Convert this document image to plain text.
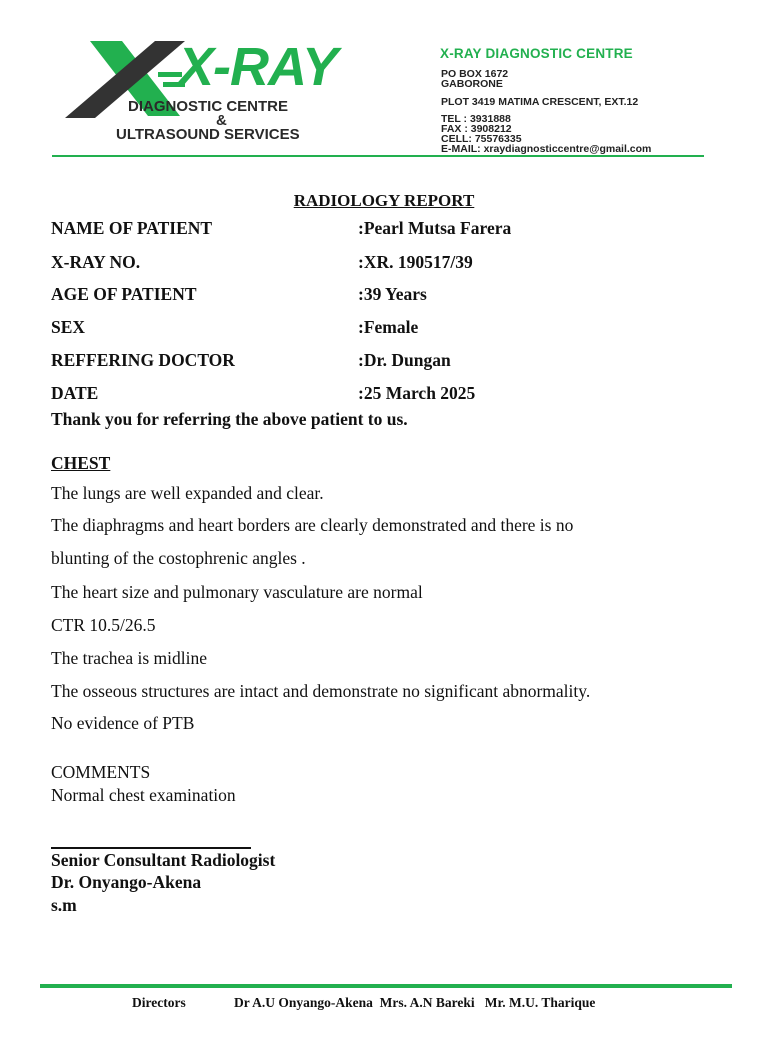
X-RAY
DIAGNOSTIC CENTRE
&
ULTRASOUND SERVICES
X-RAY DIAGNOSTIC CENTRE
PO BOX 1672
GABORONE
PLOT 3419 MATIMA CRESCENT, EXT.12
TEL : 3931888
FAX : 3908212
CELL: 75576335
E-MAIL: xraydiagnosticcentre@gmail.com
RADIOLOGY REPORT
NAME OF PATIENT	:Pearl Mutsa Farera
X-RAY NO.	:XR. 190517/39
AGE OF PATIENT	:39 Years
SEX	:Female
REFFERING DOCTOR	:Dr. Dungan
DATE	:25 March 2025
Thank you for referring the above patient to us.
CHEST
The lungs are well expanded and clear.
The diaphragms and heart borders are clearly demonstrated and there is no
blunting of the costophrenic angles .
The heart size and pulmonary vasculature are normal
CTR 10.5/26.5
The trachea is midline
The osseous structures are intact and demonstrate no significant abnormality.
No evidence of PTB
COMMENTS
Normal chest examination
Senior Consultant Radiologist
Dr. Onyango-Akena
s.m

Directors

	Dr A.U Onyango-Akena  Mrs. A.N Bareki   Mr. M.U. Tharique
